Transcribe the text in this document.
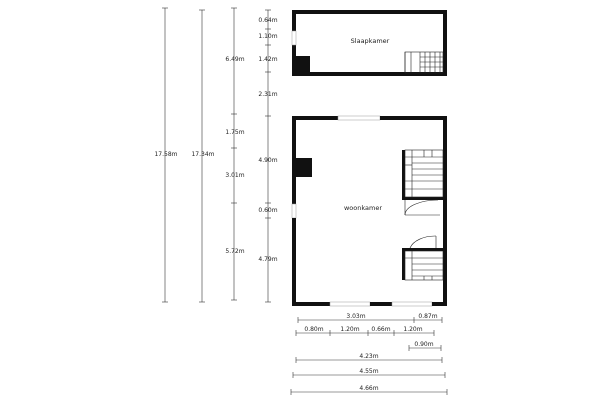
Slaapkamer
woonkamer
17.58m 17.34m
6.49m
1.75m
3.01m
5.72m
0.64m
1.10m
1.42m
2.31m
4.90m
0.60m
4.79m
3.03m	0.87m
0.80m	1.20m 0.66m 1.20m
0.90m
4.23m
4.55m
4.66m
